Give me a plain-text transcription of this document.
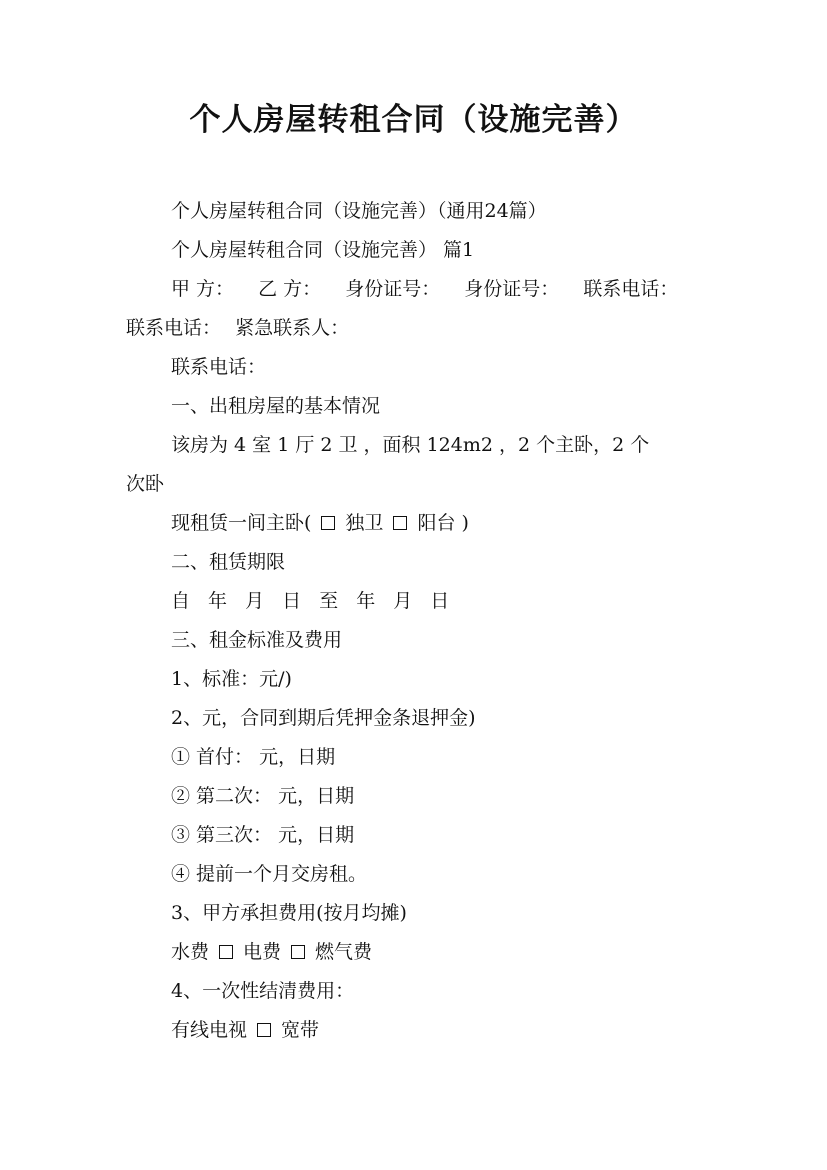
个人房屋转租合同（设施完善）
个人房屋转租合同（设施完善）（通用24篇）
个人房屋转租合同（设施完善） 篇1
甲 方： 乙 方： 身份证号： 身份证号： 联系电话：
联系电话： 紧急联系人：
联系电话：
一、出租房屋的基本情况
该房为 4 室 1 厅 2 卫 ，面积 124m2 ，2 个主卧，2 个
次卧
现租赁一间主卧( 独卫 阳台 )
二、租赁期限
自 年 月 日 至 年 月 日
三、租金标准及费用
1、标准：元/)
2、元，合同到期后凭押金条退押金)
① 首付： 元，日期
② 第二次： 元，日期
③ 第三次： 元，日期
④ 提前一个月交房租。
3、甲方承担费用(按月均摊)
水费 电费 燃气费
4、一次性结清费用：
有线电视 宽带
